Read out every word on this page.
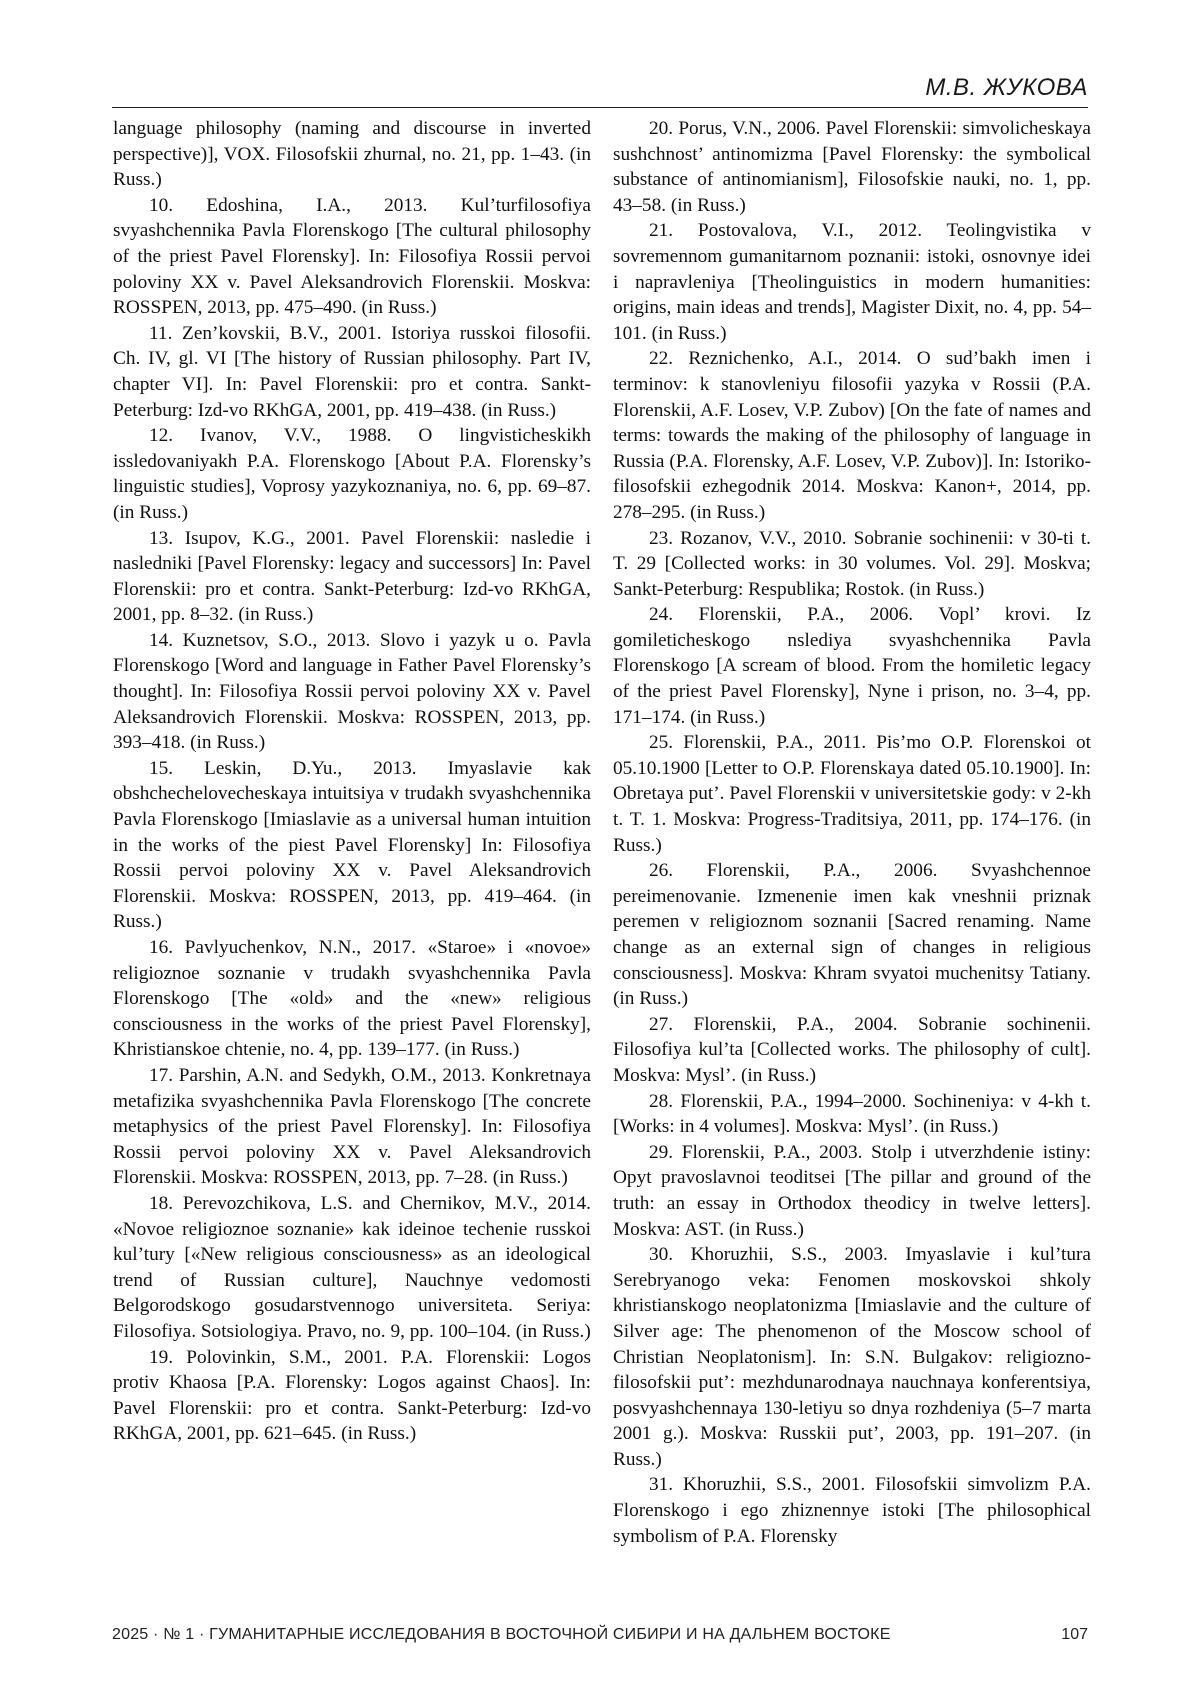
М.В. ЖУКОВА

language philosophy (naming and discourse in inverted perspective)], VOX. Filosofskii zhurnal, no. 21, pp. 1–43. (in Russ.)

10. Edoshina, I.A., 2013. Kul’turfilosofiya svyashchennika Pavla Florenskogo [The cultural philosophy of the priest Pavel Florensky]. In: Filosofiya Rossii pervoi poloviny XX v. Pavel Aleksandrovich Florenskii. Moskva: ROSSPEN, 2013, pp. 475–490. (in Russ.)

11. Zen’kovskii, B.V., 2001. Istoriya russkoi filosofii. Ch. IV, gl. VI [The history of Russian philosophy. Part IV, chapter VI]. In: Pavel Florenskii: pro et contra. Sankt-Peterburg: Izd-vo RKhGA, 2001, pp. 419–438. (in Russ.)

12. Ivanov, V.V., 1988. O lingvisticheskikh issledovaniyakh P.A. Florenskogo [About P.A. Florensky’s linguistic studies], Voprosy yazykoznaniya, no. 6, pp. 69–87. (in Russ.)

13. Isupov, K.G., 2001. Pavel Florenskii: nasledie i nasledniki [Pavel Florensky: legacy and successors] In: Pavel Florenskii: pro et contra. Sankt-Peterburg: Izd-vo RKhGA, 2001, pp. 8–32. (in Russ.)

14. Kuznetsov, S.O., 2013. Slovo i yazyk u o. Pavla Florenskogo [Word and language in Father Pavel Florensky’s thought]. In: Filosofiya Rossii pervoi poloviny XX v. Pavel Aleksandrovich Florenskii. Moskva: ROSSPEN, 2013, pp. 393–418. (in Russ.)

15. Leskin, D.Yu., 2013. Imyaslavie kak obshchechelovecheskaya intuitsiya v trudakh svyashchennika Pavla Florenskogo [Imiaslavie as a universal human intuition in the works of the piest Pavel Florensky] In: Filosofiya Rossii pervoi poloviny XX v. Pavel Aleksandrovich Florenskii. Moskva: ROSSPEN, 2013, pp. 419–464. (in Russ.)

16. Pavlyuchenkov, N.N., 2017. «Staroe» i «novoe» religioznoe soznanie v trudakh svyashchennika Pavla Florenskogo [The «old» and the «new» religious consciousness in the works of the priest Pavel Florensky], Khristianskoe chtenie, no. 4, pp. 139–177. (in Russ.)

17. Parshin, A.N. and Sedykh, O.M., 2013. Konkretnaya metafizika svyashchennika Pavla Florenskogo [The concrete metaphysics of the priest Pavel Florensky]. In: Filosofiya Rossii pervoi poloviny XX v. Pavel Aleksandrovich Florenskii. Moskva: ROSSPEN, 2013, pp. 7–28. (in Russ.)

18. Perevozchikova, L.S. and Chernikov, M.V., 2014. «Novoe religioznoe soznanie» kak ideinoe techenie russkoi kul’tury [«New religious consciousness» as an ideological trend of Russian culture], Nauchnye vedomosti Belgorodskogo gosudarstvennogo universiteta. Seriya: Filosofiya. Sotsiologiya. Pravo, no. 9, pp. 100–104. (in Russ.)

19. Polovinkin, S.M., 2001. P.A. Florenskii: Logos protiv Khaosa [P.A. Florensky: Logos against Chaos]. In: Pavel Florenskii: pro et contra. Sankt-Peterburg: Izd-vo RKhGA, 2001, pp. 621–645. (in Russ.)

20. Porus, V.N., 2006. Pavel Florenskii: simvolicheskaya sushchnost’ antinomizma [Pavel Florensky: the symbolical substance of antinomianism], Filosofskie nauki, no. 1, pp. 43–58. (in Russ.)

21. Postovalova, V.I., 2012. Teolingvistika v sovremennom gumanitarnom poznanii: istoki, osnovnye idei i napravleniya [Theolinguistics in modern humanities: origins, main ideas and trends], Magister Dixit, no. 4, pp. 54–101. (in Russ.)

22. Reznichenko, A.I., 2014. O sud’bakh imen i terminov: k stanovleniyu filosofii yazyka v Rossii (P.A. Florenskii, A.F. Losev, V.P. Zubov) [On the fate of names and terms: towards the making of the philosophy of language in Russia (P.A. Florensky, A.F. Losev, V.P. Zubov)]. In: Istoriko-filosofskii ezhegodnik 2014. Moskva: Kanon+, 2014, pp. 278–295. (in Russ.)

23. Rozanov, V.V., 2010. Sobranie sochinenii: v 30-ti t. T. 29 [Collected works: in 30 volumes. Vol. 29]. Moskva; Sankt-Peterburg: Respublika; Rostok. (in Russ.)

24. Florenskii, P.A., 2006. Vopl’ krovi. Iz gomileticheskogo nslediya svyashchennika Pavla Florenskogo [A scream of blood. From the homiletic legacy of the priest Pavel Florensky], Nyne i prison, no. 3–4, pp. 171–174. (in Russ.)

25. Florenskii, P.A., 2011. Pis’mo O.P. Florenskoi ot 05.10.1900 [Letter to O.P. Florenskaya dated 05.10.1900]. In: Obretaya put’. Pavel Florenskii v universitetskie gody: v 2-kh t. T. 1. Moskva: Progress-Traditsiya, 2011, pp. 174–176. (in Russ.)

26. Florenskii, P.A., 2006. Svyashchennoe pereimenovanie. Izmenenie imen kak vneshnii priznak peremen v religioznom soznanii [Sacred renaming. Name change as an external sign of changes in religious consciousness]. Moskva: Khram svyatoi muchenitsy Tatiany. (in Russ.)

27. Florenskii, P.A., 2004. Sobranie sochinenii. Filosofiya kul’ta [Collected works. The philosophy of cult]. Moskva: Mysl’. (in Russ.)

28. Florenskii, P.A., 1994–2000. Sochineniya: v 4-kh t. [Works: in 4 volumes]. Moskva: Mysl’. (in Russ.)

29. Florenskii, P.A., 2003. Stolp i utverzhdenie istiny: Opyt pravoslavnoi teoditsei [The pillar and ground of the truth: an essay in Orthodox theodicy in twelve letters]. Moskva: AST. (in Russ.)

30. Khoruzhii, S.S., 2003. Imyaslavie i kul’tura Serebryanogo veka: Fenomen moskovskoi shkoly khristianskogo neoplatonizma [Imiaslavie and the culture of Silver age: The phenomenon of the Moscow school of Christian Neoplatonism]. In: S.N. Bulgakov: religiozno-filosofskii put’: mezhdunarodnaya nauchnaya konferentsiya, posvyashchennaya 130-letiyu so dnya rozhdeniya (5–7 marta 2001 g.). Moskva: Russkii put’, 2003, pp. 191–207. (in Russ.)

31. Khoruzhii, S.S., 2001. Filosofskii simvolizm P.A. Florenskogo i ego zhiznennye istoki [The philosophical symbolism of P.A. Florensky

2025 · № 1 · ГУМАНИТАРНЫЕ ИССЛЕДОВАНИЯ В ВОСТОЧНОЙ СИБИРИ И НА ДАЛЬНЕМ ВОСТОКЕ	107
